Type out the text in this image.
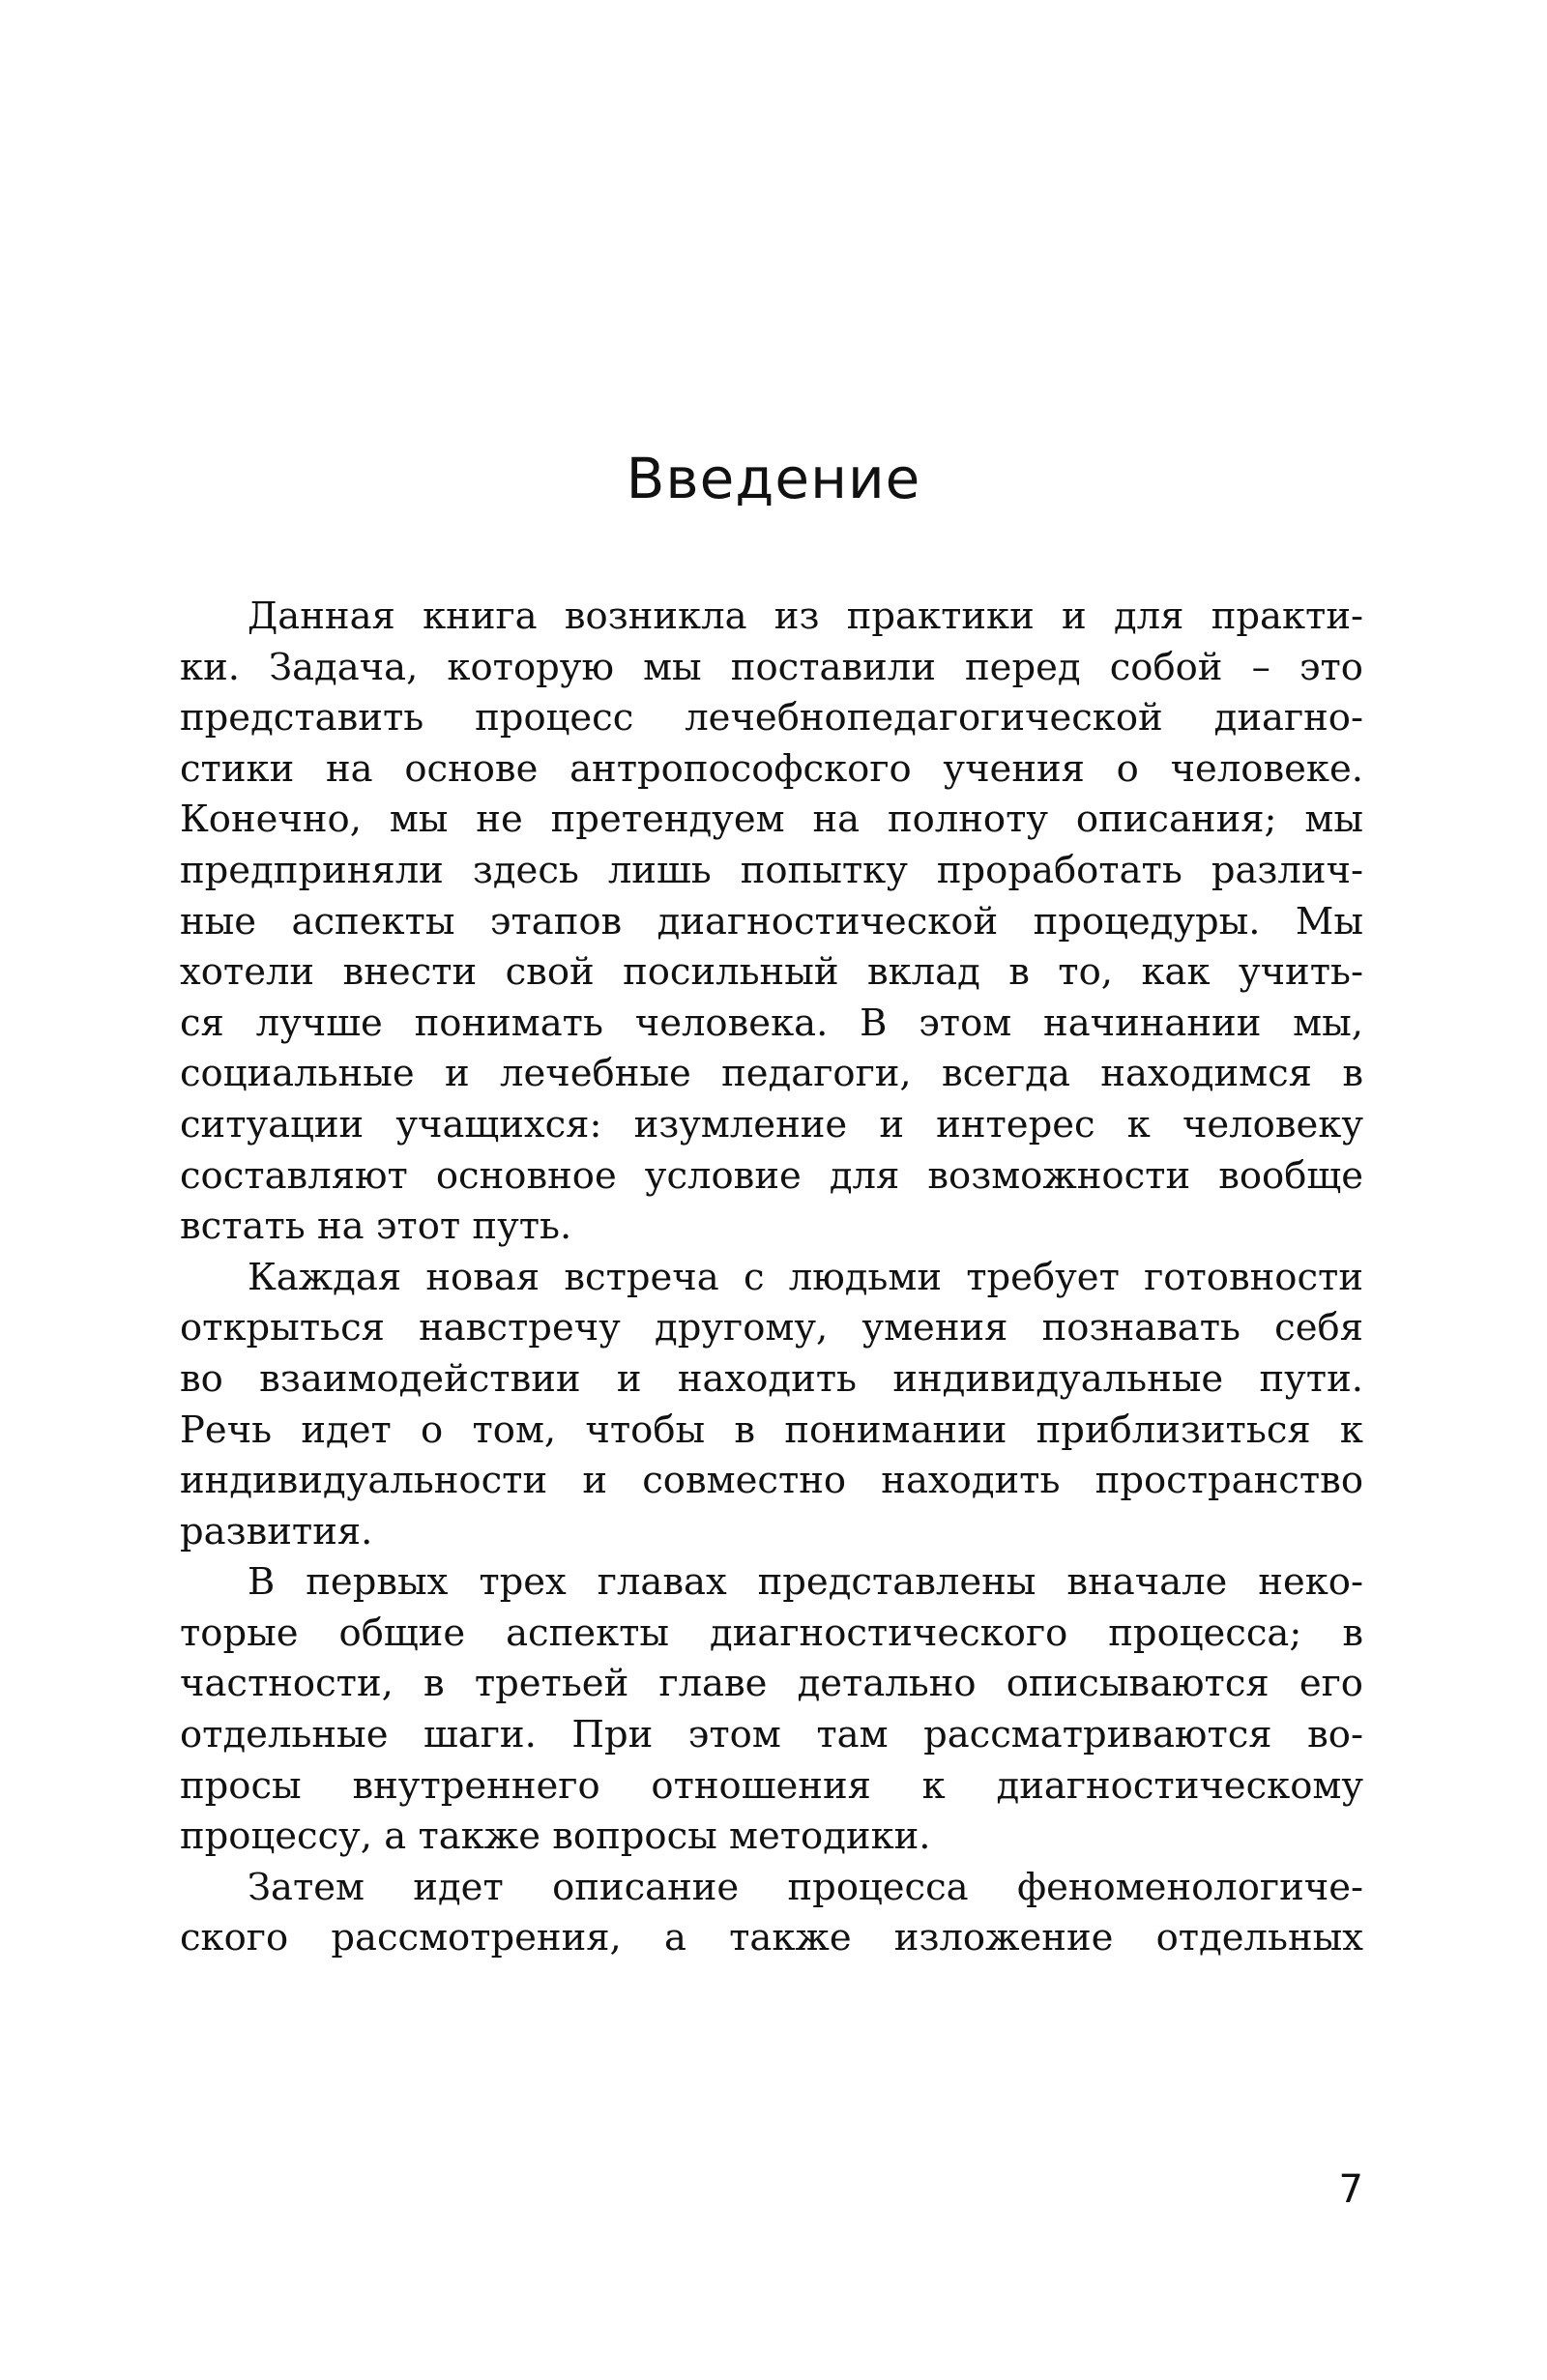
Введение

Данная книга возникла из практики и для практи-
ки. Задача, которую мы поставили перед собой – это
представить процесс лечебнопедагогической диагно-
стики на основе антропософского учения о человеке.
Конечно, мы не претендуем на полноту описания; мы
предприняли здесь лишь попытку проработать различ-
ные аспекты этапов диагностической процедуры. Мы
хотели внести свой посильный вклад в то, как учить-
ся лучше понимать человека. В этом начинании мы,
социальные и лечебные педагоги, всегда находимся в
ситуации учащихся: изумление и интерес к человеку
составляют основное условие для возможности вообще
встать на этот путь.

Каждая новая встреча с людьми требует готовности
открыться навстречу другому, умения познавать себя
во взаимодействии и находить индивидуальные пути.
Речь идет о том, чтобы в понимании приблизиться к
индивидуальности и совместно находить пространство
развития.

В первых трех главах представлены вначале неко-
торые общие аспекты диагностического процесса; в
частности, в третьей главе детально описываются его
отдельные шаги. При этом там рассматриваются во-
просы внутреннего отношения к диагностическому
процессу, а также вопросы методики.

Затем идет описание процесса феноменологиче-
ского рассмотрения, а также изложение отдельных

7
